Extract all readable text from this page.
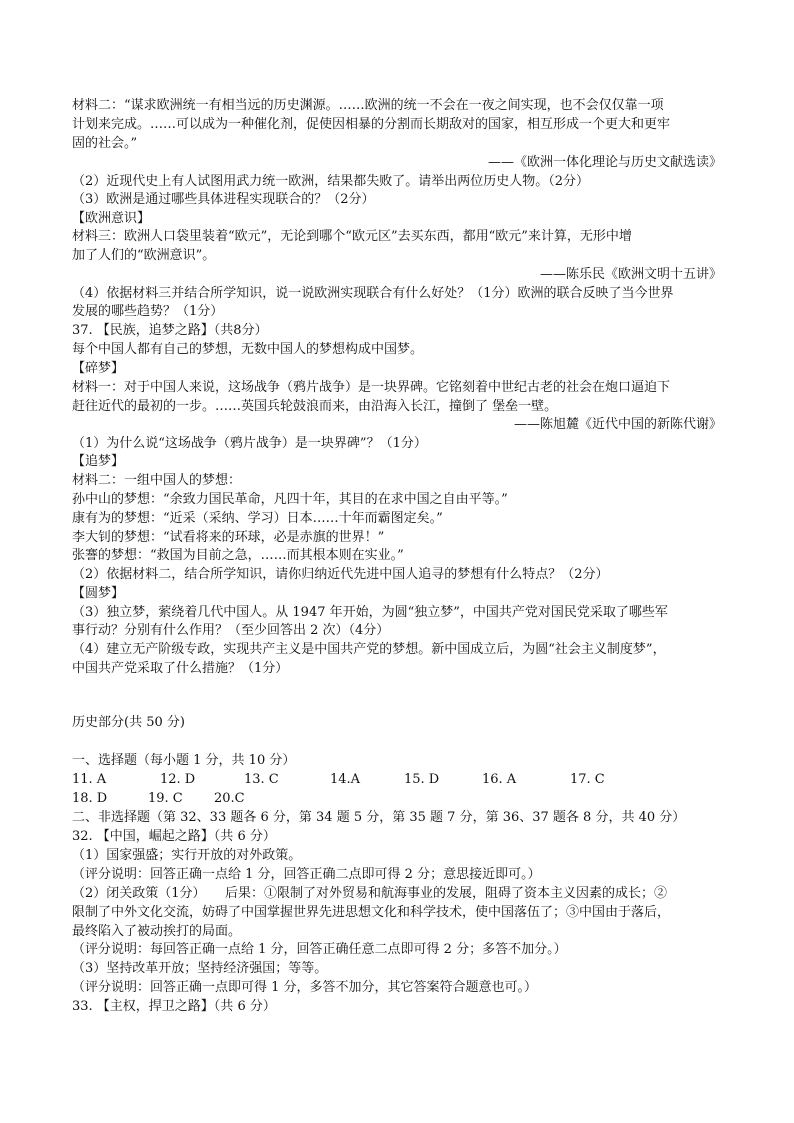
材料二：“谋求欧洲统一有相当远的历史渊源。……欧洲的统一不会在一夜之间实现，也不会仅仅靠一项
计划来完成。……可以成为一种催化剂，促使因相暴的分割而长期敌对的国家，相互形成一个更大和更牢
固的社会。”
——《欧洲一体化理论与历史文献选读》
（2）近现代史上有人试图用武力统一欧洲，结果都失败了。请举出两位历史人物。（2分）
（3）欧洲是通过哪些具体进程实现联合的？（2分）
【欧洲意识】
材料三：欧洲人口袋里装着“欧元”，无论到哪个“欧元区”去买东西，都用“欧元”来计算，无形中增
加了人们的“欧洲意识”。
——陈乐民《欧洲文明十五讲》
（4）依据材料三并结合所学知识，说一说欧洲实现联合有什么好处？（1分）欧洲的联合反映了当今世界
发展的哪些趋势？（1分）
37. 【民族，追梦之路】（共8分）
每个中国人都有自己的梦想，无数中国人的梦想构成中国梦。
【碎梦】
材料一：对于中国人来说，这场战争（鸦片战争）是一块界碑。它铭刻着中世纪古老的社会在炮口逼迫下
赶往近代的最初的一步。……英国兵轮鼓浪而来，由沿海入长江，撞倒了 堡垒一壁。
——陈旭麓《近代中国的新陈代谢》
（1）为什么说“这场战争（鸦片战争）是一块界碑”？（1分）
【追梦】
材料二：一组中国人的梦想：
孙中山的梦想：“余致力国民革命，凡四十年，其目的在求中国之自由平等。”
康有为的梦想：“近采（采纳、学习）日本……十年而霸图定矣。”
李大钊的梦想：“试看将来的环球，必是赤旗的世界！”
张謇的梦想：“救国为目前之急，……而其根本则在实业。”
（2）依据材料二，结合所学知识，请你归纳近代先进中国人追寻的梦想有什么特点？（2分）
【圆梦】
（3）独立梦，萦绕着几代中国人。从 1947 年开始，为圆“独立梦”，中国共产党对国民党采取了哪些军
事行动？分别有什么作用？（至少回答出 2 次）（4分）
（4）建立无产阶级专政，实现共产主义是中国共产党的梦想。新中国成立后，为圆“社会主义制度梦”，
中国共产党采取了什么措施？（1分）
历史部分(共 50 分)
一、选择题（每小题 1 分，共 10 分）
11. A	12. D	13. C	14.A	15. D	16. A	17. C
18. D	19. C 20.C
二、非选择题（第 32、33 题各 6 分，第 34 题 5 分，第 35 题 7 分，第 36、37 题各 8 分，共 40 分）
32. 【中国，崛起之路】（共 6 分）
（1）国家强盛；实行开放的对外政策。
（评分说明：回答正确一点给 1 分，回答正确二点即可得 2 分；意思接近即可。）
（2）闭关政策（1分）　　后果：①限制了对外贸易和航海事业的发展，阻碍了资本主义因素的成长；②
限制了中外文化交流，妨碍了中国掌握世界先进思想文化和科学技术，使中国落伍了；③中国由于落后，
最终陷入了被动挨打的局面。
（评分说明：每回答正确一点给 1 分，回答正确任意二点即可得 2 分；多答不加分。）
（3）坚持改革开放；坚持经济强国；等等。
（评分说明：回答正确一点即可得 1 分，多答不加分，其它答案符合题意也可。）
33. 【主权，捍卫之路】（共 6 分）
